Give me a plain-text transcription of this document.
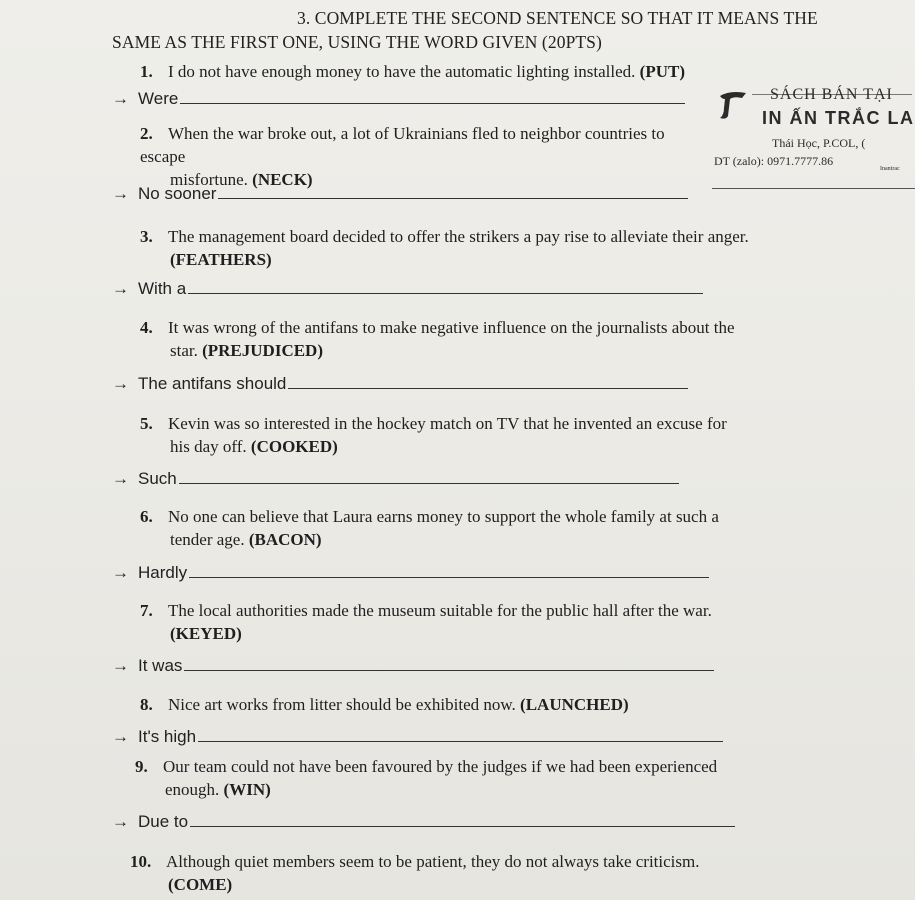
3. COMPLETE THE SECOND SENTENCE SO THAT IT MEANS THE
SAME AS THE FIRST ONE, USING THE WORD GIVEN (20PTS)
1. I do not have enough money to have the automatic lighting installed. (PUT)
→ Were
2. When the war broke out, a lot of Ukrainians fled to neighbor countries to escape
misfortune. (NECK)
→ No sooner
3. The management board decided to offer the strikers a pay rise to alleviate their anger.
(FEATHERS)
→ With a
4. It was wrong of the antifans to make negative influence on the journalists about the
star. (PREJUDICED)
→ The antifans should
5. Kevin was so interested in the hockey match on TV that he invented an excuse for
his day off. (COOKED)
→ Such
6. No one can believe that Laura earns money to support the whole family at such a
tender age. (BACON)
→ Hardly
7. The local authorities made the museum suitable for the public hall after the war.
(KEYED)
→ It was
8. Nice art works from litter should be exhibited now. (LAUNCHED)
→ It's high
9. Our team could not have been favoured by the judges if we had been experienced
enough. (WIN)
→ Due to
10. Although quiet members seem to be patient, they do not always take criticism.
(COME)
SÁCH BÁN TẠI
IN ẤN TRẮC LA
Thái Học, P.COL, (
DT (zalo): 0971.7777.86
Inantrac
